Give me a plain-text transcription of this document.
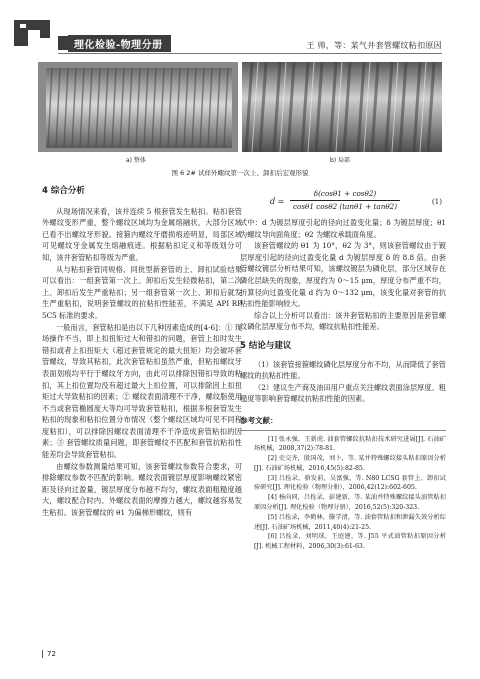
理化检验-物理分册	王 帅，等：某气井套管螺纹粘扣原因
a) 整体	b) 局部
图 6 2# 试样外螺纹第一次上、卸扣后宏观形貌
4 综合分析

从现场情况来看，该井连续 5 根套管发生粘扣。粘扣套管外螺纹变形严重，整个螺纹区域均为金属熔融状，大部分区域已看不出螺纹牙形貌。接箍内螺纹牙磨损痕迹明显，局部区域可见螺纹牙金属发生熔融痕迹。根据粘扣定义和等级划分可知，该井套管粘扣等级为严重。

从与粘扣套管同规格、同批型新套管的上、卸扣试验结果可以看出：一组套管第一次上、卸扣后发生轻微粘扣，第二次上、卸扣后发生严重粘扣；另一组套管第一次上、卸扣后就发生严重粘扣，说明套管螺纹的抗粘扣性能差，不满足 API RP 5C5 标准的要求。

一般而言，套管粘扣是由以下几种因素造成的[4-6]：① 现场操作不当，即上扣扭矩过大和错扣的问题，套管上扣时发生错扣或者上扣扭矩大（超过套管规定的最大扭矩）均会破坏套管螺纹，导致其粘扣，此次套管粘扣虽然严重，但粘扣螺纹牙表面划痕均平行于螺纹牙方向，由此可以排除因错扣导致的粘扣，其上扣位置均没有超过最大上扣位置，可以排除因上扣扭矩过大导致粘扣的因素；② 螺纹表面清理不干净，螺纹脂使用不当或套管椭圆度大等均可导致套管粘扣，根据多根套管发生粘扣的现象和粘扣位置分布情况（整个螺纹区域均可见不同程度粘扣），可以排除因螺纹表面清理不干净造成套管粘扣的因素；③ 套管螺纹质量问题，即套管螺纹不匹配和套管抗粘扣性能差均会导致套管粘扣。

由螺纹参数测量结果可知，该套管螺纹参数符合要求，可排除螺纹参数不匹配的影响。螺纹表面镀层厚度影响螺纹紧密距及径向过盈量，镀层厚度分布越不均匀，螺纹表面粗糙度越大，螺纹配合时内、外螺纹表面的摩擦力越大，螺纹越容易发生粘扣。该套管螺纹的 θ1 为偏梯形螺纹，则有

$d = \frac{\delta(\cos\theta 1 + \cos\theta 2)}{\cos\theta 1 \cos\theta 2 (\tan\theta 1 + \tan\theta 2)}$	(1)

式中：d 为镀层厚度引起的径向过盈变化量；δ 为镀层厚度；θ1 为螺纹导向面角度；θ2 为螺纹承载面角度。

该套管螺纹的 θ1 为 10°，θ2 为 3°，则该套管螺纹由于镀层厚度引起的径向过盈变化量 d 为镀层厚度 δ 的 8.8 倍。由套管螺纹镀层分析结果可知，该螺纹镀层为磷化层，部分区域存在磷化层缺失的现象，厚度约为 0～15 μm，厚度分布严重不均，折算径向过盈变化量 d 约为 0～132 μm，该变化量对套管的抗粘扣性能影响较大。

综合以上分析可以看出：该井套管粘扣的主要原因是套管螺纹磷化层厚度分布不均，螺纹抗粘扣性能差。

5 结论与建议

（1）该套管接箍螺纹磷化层厚度分布不均，从而降低了套管螺纹的抗粘扣性能。

（2）建议生产商及油田用户重点关注螺纹表面涂层厚度、粗糙度等影响套管螺纹抗粘扣性能的因素。

参考文献：

[1] 张永强，王新虎. 油套管螺纹抗粘扣技术研究进展[J]. 石油矿场机械，2008,37(2):78-81.

[2] 史交齐，殷国茂，刘卜，等. 某井特殊螺纹接头粘扣原因分析[J]. 石油矿场机械，2016,45(5):82-85.

[3] 吕拴录，骆发前，吴富强，等. N80 LCSG 套管上、卸扣试验研究[J]. 理化检验（物理分册），2006,42(12):602-605.

[4] 杨向同，吕拴录，彭建新，等. 某油井特殊螺纹接头油管粘扣原因分析[J]. 理化检验（物理分册），2016,52(5):320-323.

[5] 吕拴录，李鹤林，滕学清，等. 油套管粘扣和泄漏失效分析综述[J]. 石油矿场机械，2011,40(4):21-25.

[6] 吕拴录，刘明球，王庭建，等. J55 平式油管粘扣原因分析[J]. 机械工程材料，2006,30(3):61-63.

72
